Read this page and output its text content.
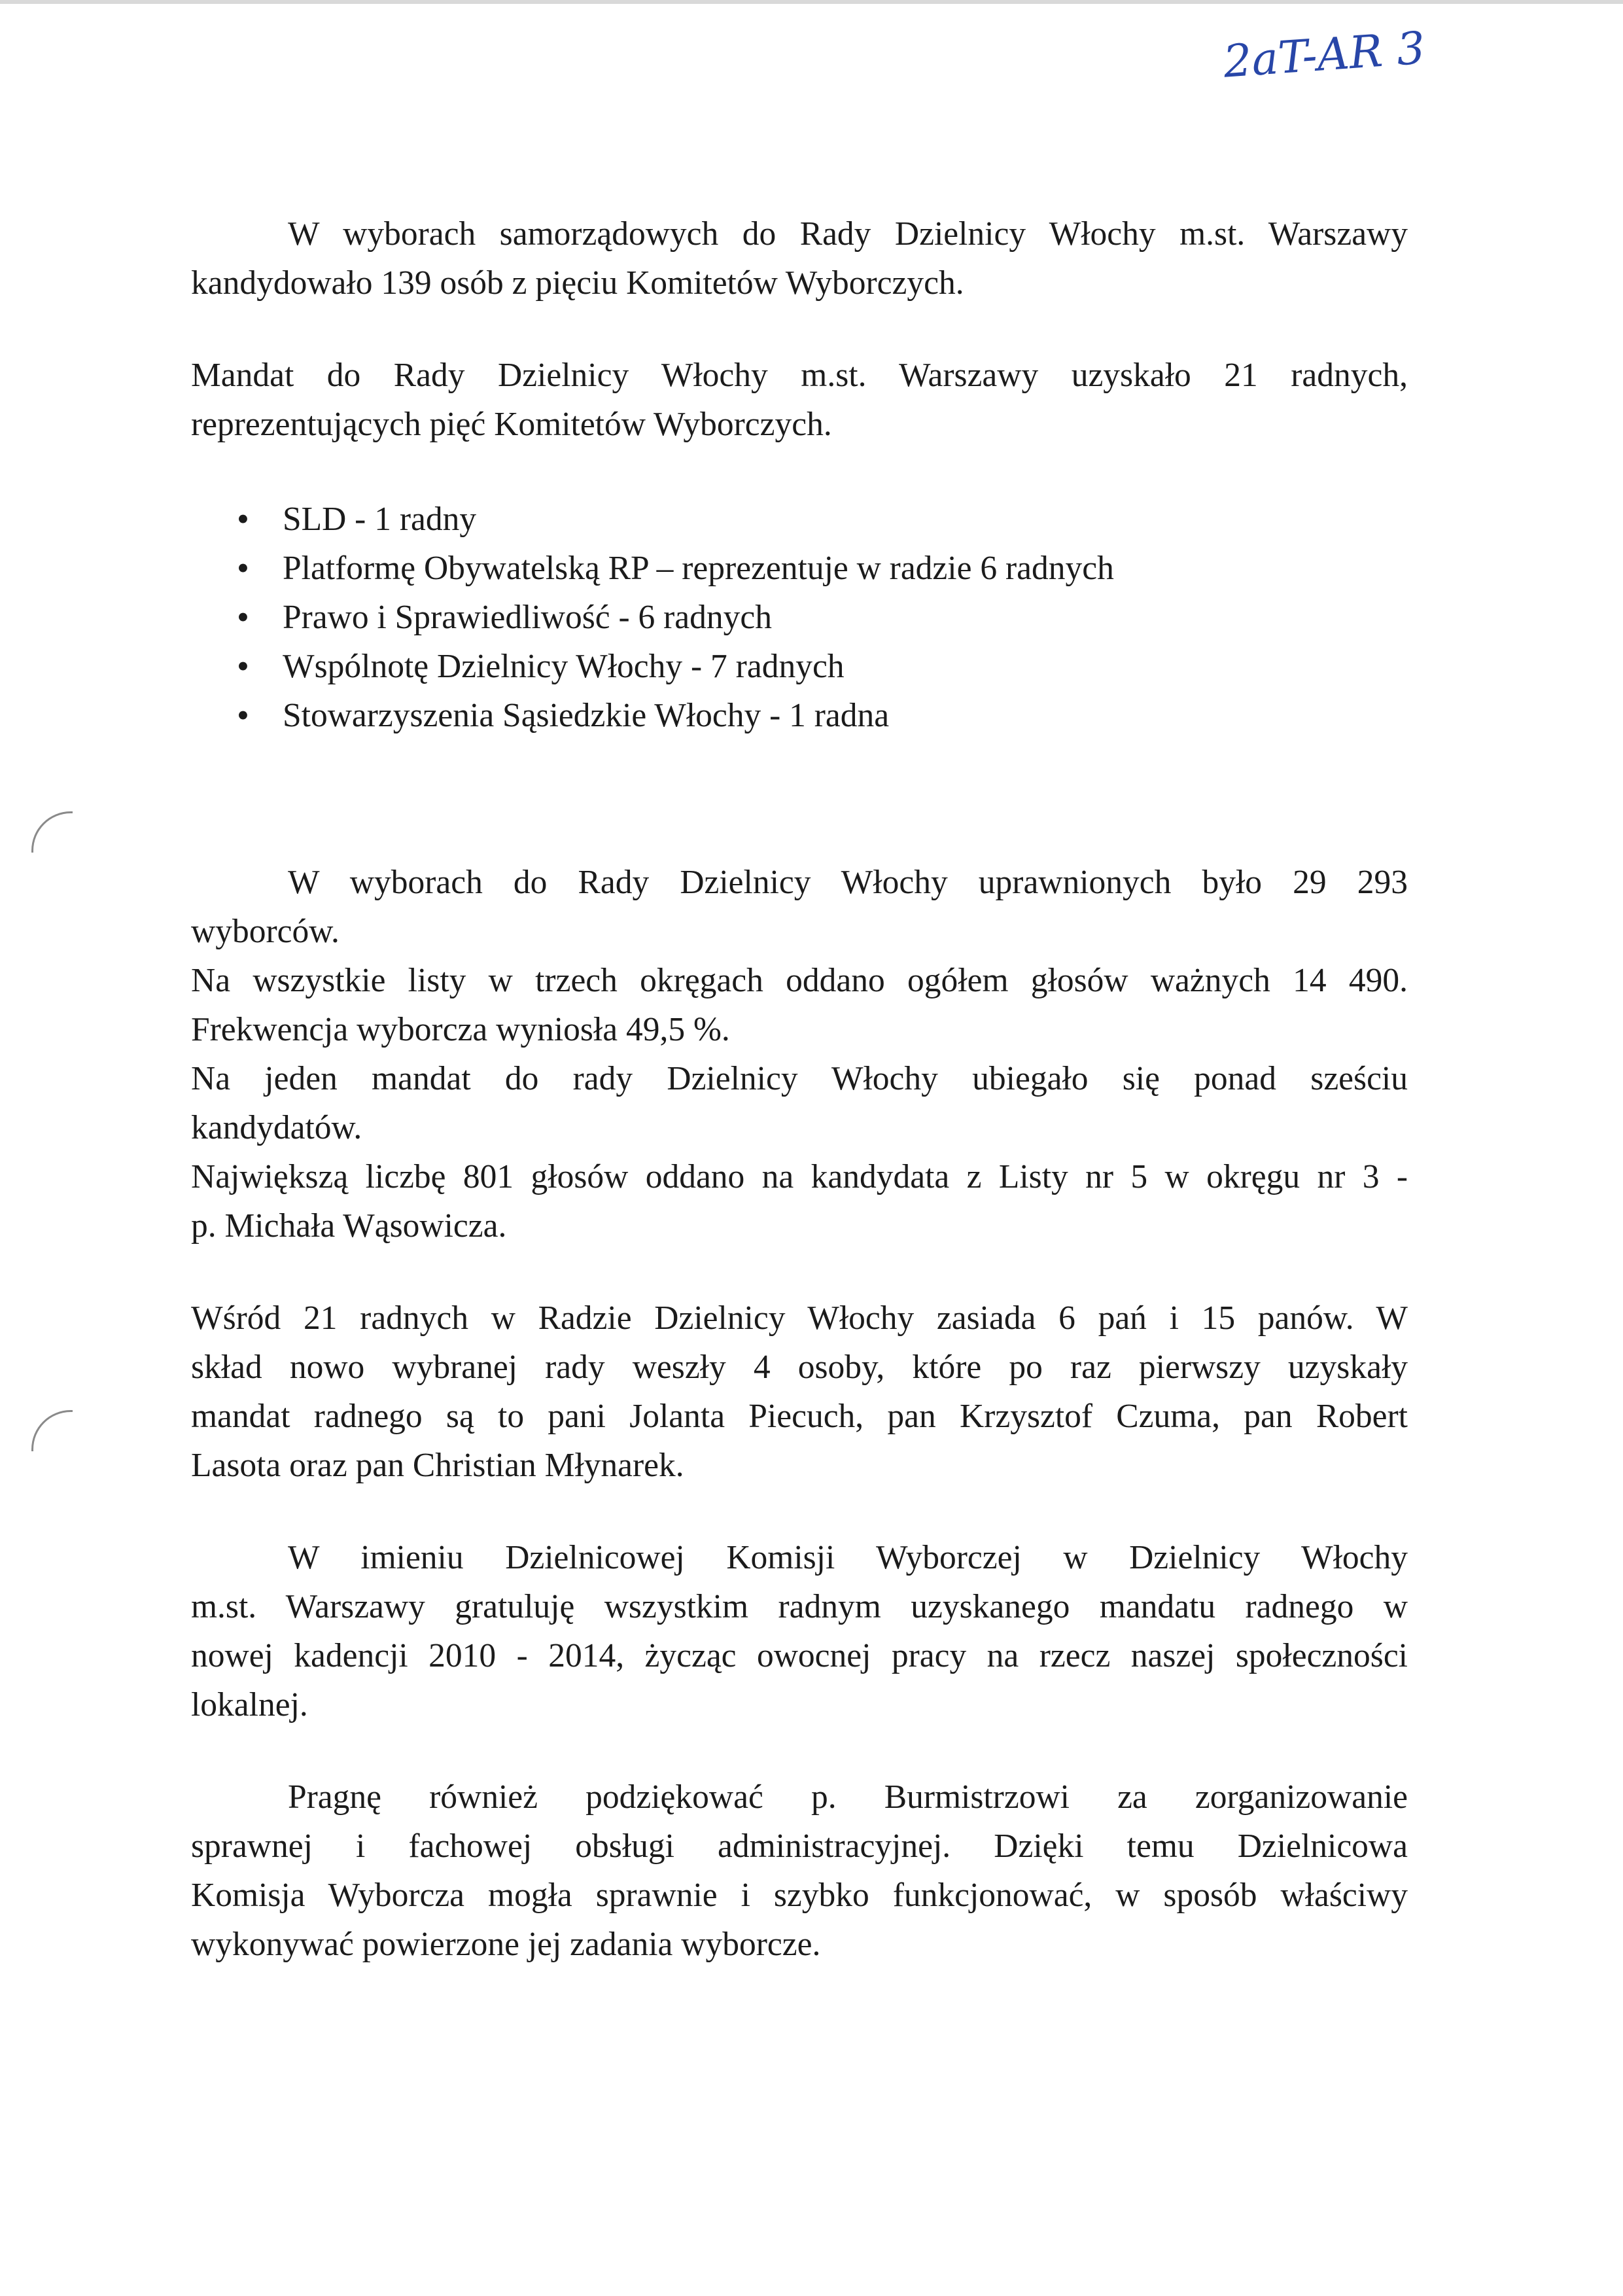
2aT-AR 3
W wyborach samorządowych do Rady Dzielnicy Włochy m.st. Warszawy
kandydowało 139 osób z pięciu Komitetów Wyborczych.
Mandat do Rady Dzielnicy Włochy m.st. Warszawy uzyskało 21 radnych,
reprezentujących pięć Komitetów Wyborczych.
• SLD - 1 radny
• Platformę Obywatelską RP – reprezentuje w radzie 6 radnych
• Prawo i Sprawiedliwość - 6 radnych
• Wspólnotę Dzielnicy Włochy - 7 radnych
• Stowarzyszenia Sąsiedzkie Włochy - 1 radna
W wyborach do Rady Dzielnicy Włochy uprawnionych było 29 293
wyborców.
Na wszystkie listy w trzech okręgach oddano ogółem głosów ważnych 14 490.
Frekwencja wyborcza wyniosła 49,5 %.
Na jeden mandat do rady Dzielnicy Włochy ubiegało się ponad sześciu
kandydatów.
Największą liczbę 801 głosów oddano na kandydata z Listy nr 5 w okręgu nr 3 -
p. Michała Wąsowicza.
Wśród 21 radnych w Radzie Dzielnicy Włochy zasiada 6 pań i 15 panów. W
skład nowo wybranej rady weszły 4 osoby, które po raz pierwszy uzyskały
mandat radnego są to pani Jolanta Piecuch, pan Krzysztof Czuma, pan Robert
Lasota oraz pan Christian Młynarek.
W imieniu Dzielnicowej Komisji Wyborczej w Dzielnicy Włochy
m.st. Warszawy gratuluję wszystkim radnym uzyskanego mandatu radnego w
nowej kadencji 2010 - 2014, życząc owocnej pracy na rzecz naszej społeczności
lokalnej.
Pragnę również podziękować p. Burmistrzowi za zorganizowanie
sprawnej i fachowej obsługi administracyjnej. Dzięki temu Dzielnicowa
Komisja Wyborcza mogła sprawnie i szybko funkcjonować, w sposób właściwy
wykonywać powierzone jej zadania wyborcze.
